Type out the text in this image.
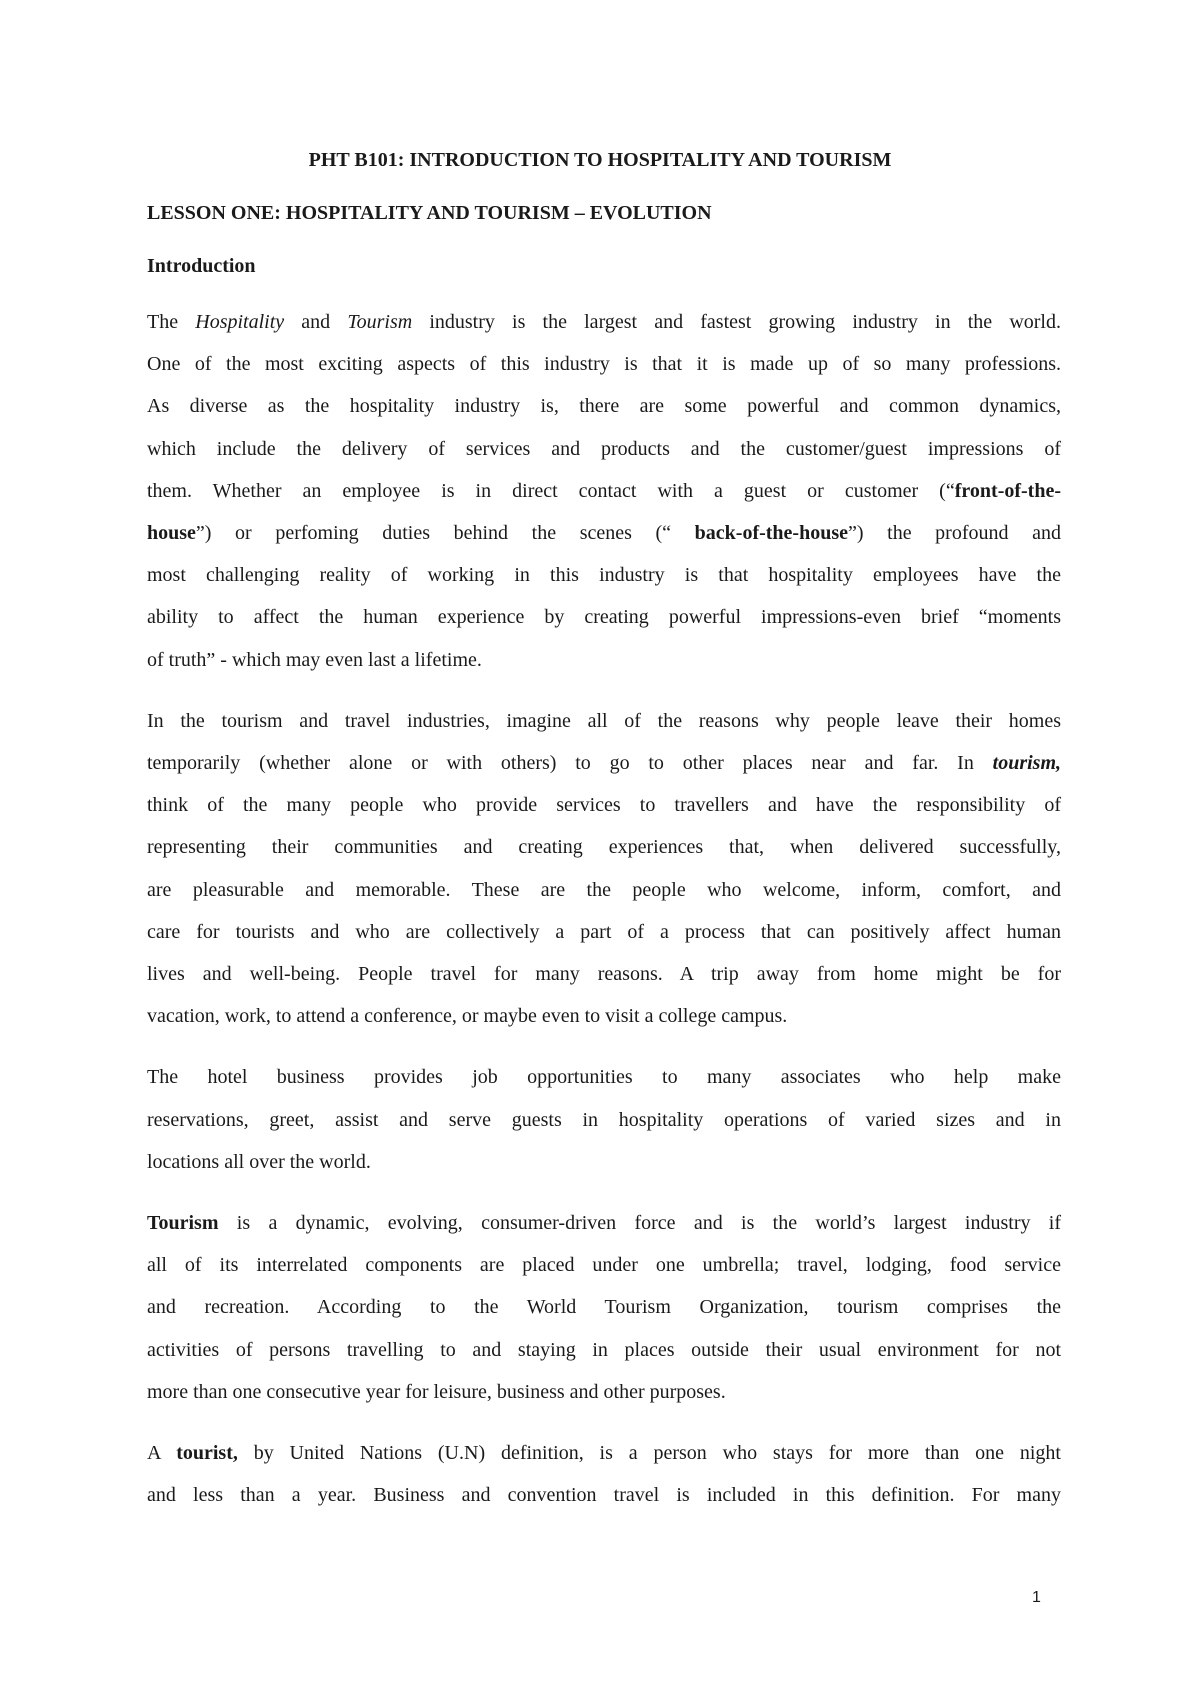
PHT B101: INTRODUCTION TO HOSPITALITY AND TOURISM
LESSON ONE: HOSPITALITY AND TOURISM – EVOLUTION
Introduction

The Hospitality and Tourism industry is the largest and fastest growing industry in the world.
One of the most exciting aspects of this industry is that it is made up of so many professions.
As diverse as the hospitality industry is, there are some powerful and common dynamics,
which include the delivery of services and products and the customer/guest impressions of
them. Whether an employee is in direct contact with a guest or customer (“front-of-the-
house”) or perfoming duties behind the scenes (“ back-of-the-house”) the profound and
most challenging reality of working in this industry is that hospitality employees have the
ability to affect the human experience by creating powerful impressions-even brief “moments
of truth” - which may even last a lifetime.

In the tourism and travel industries, imagine all of the reasons why people leave their homes
temporarily (whether alone or with others) to go to other places near and far. In tourism,
think of the many people who provide services to travellers and have the responsibility of
representing their communities and creating experiences that, when delivered successfully,
are pleasurable and memorable. These are the people who welcome, inform, comfort, and
care for tourists and who are collectively a part of a process that can positively affect human
lives and well-being. People travel for many reasons. A trip away from home might be for
vacation, work, to attend a conference, or maybe even to visit a college campus.

The hotel business provides job opportunities to many associates who help make
reservations, greet, assist and serve guests in hospitality operations of varied sizes and in
locations all over the world.

Tourism is a dynamic, evolving, consumer-driven force and is the world’s largest industry if
all of its interrelated components are placed under one umbrella; travel, lodging, food service
and recreation. According to the World Tourism Organization, tourism comprises the
activities of persons travelling to and staying in places outside their usual environment for not
more than one consecutive year for leisure, business and other purposes.

A tourist, by United Nations (U.N) definition, is a person who stays for more than one night
and less than a year. Business and convention travel is included in this definition. For many

1
